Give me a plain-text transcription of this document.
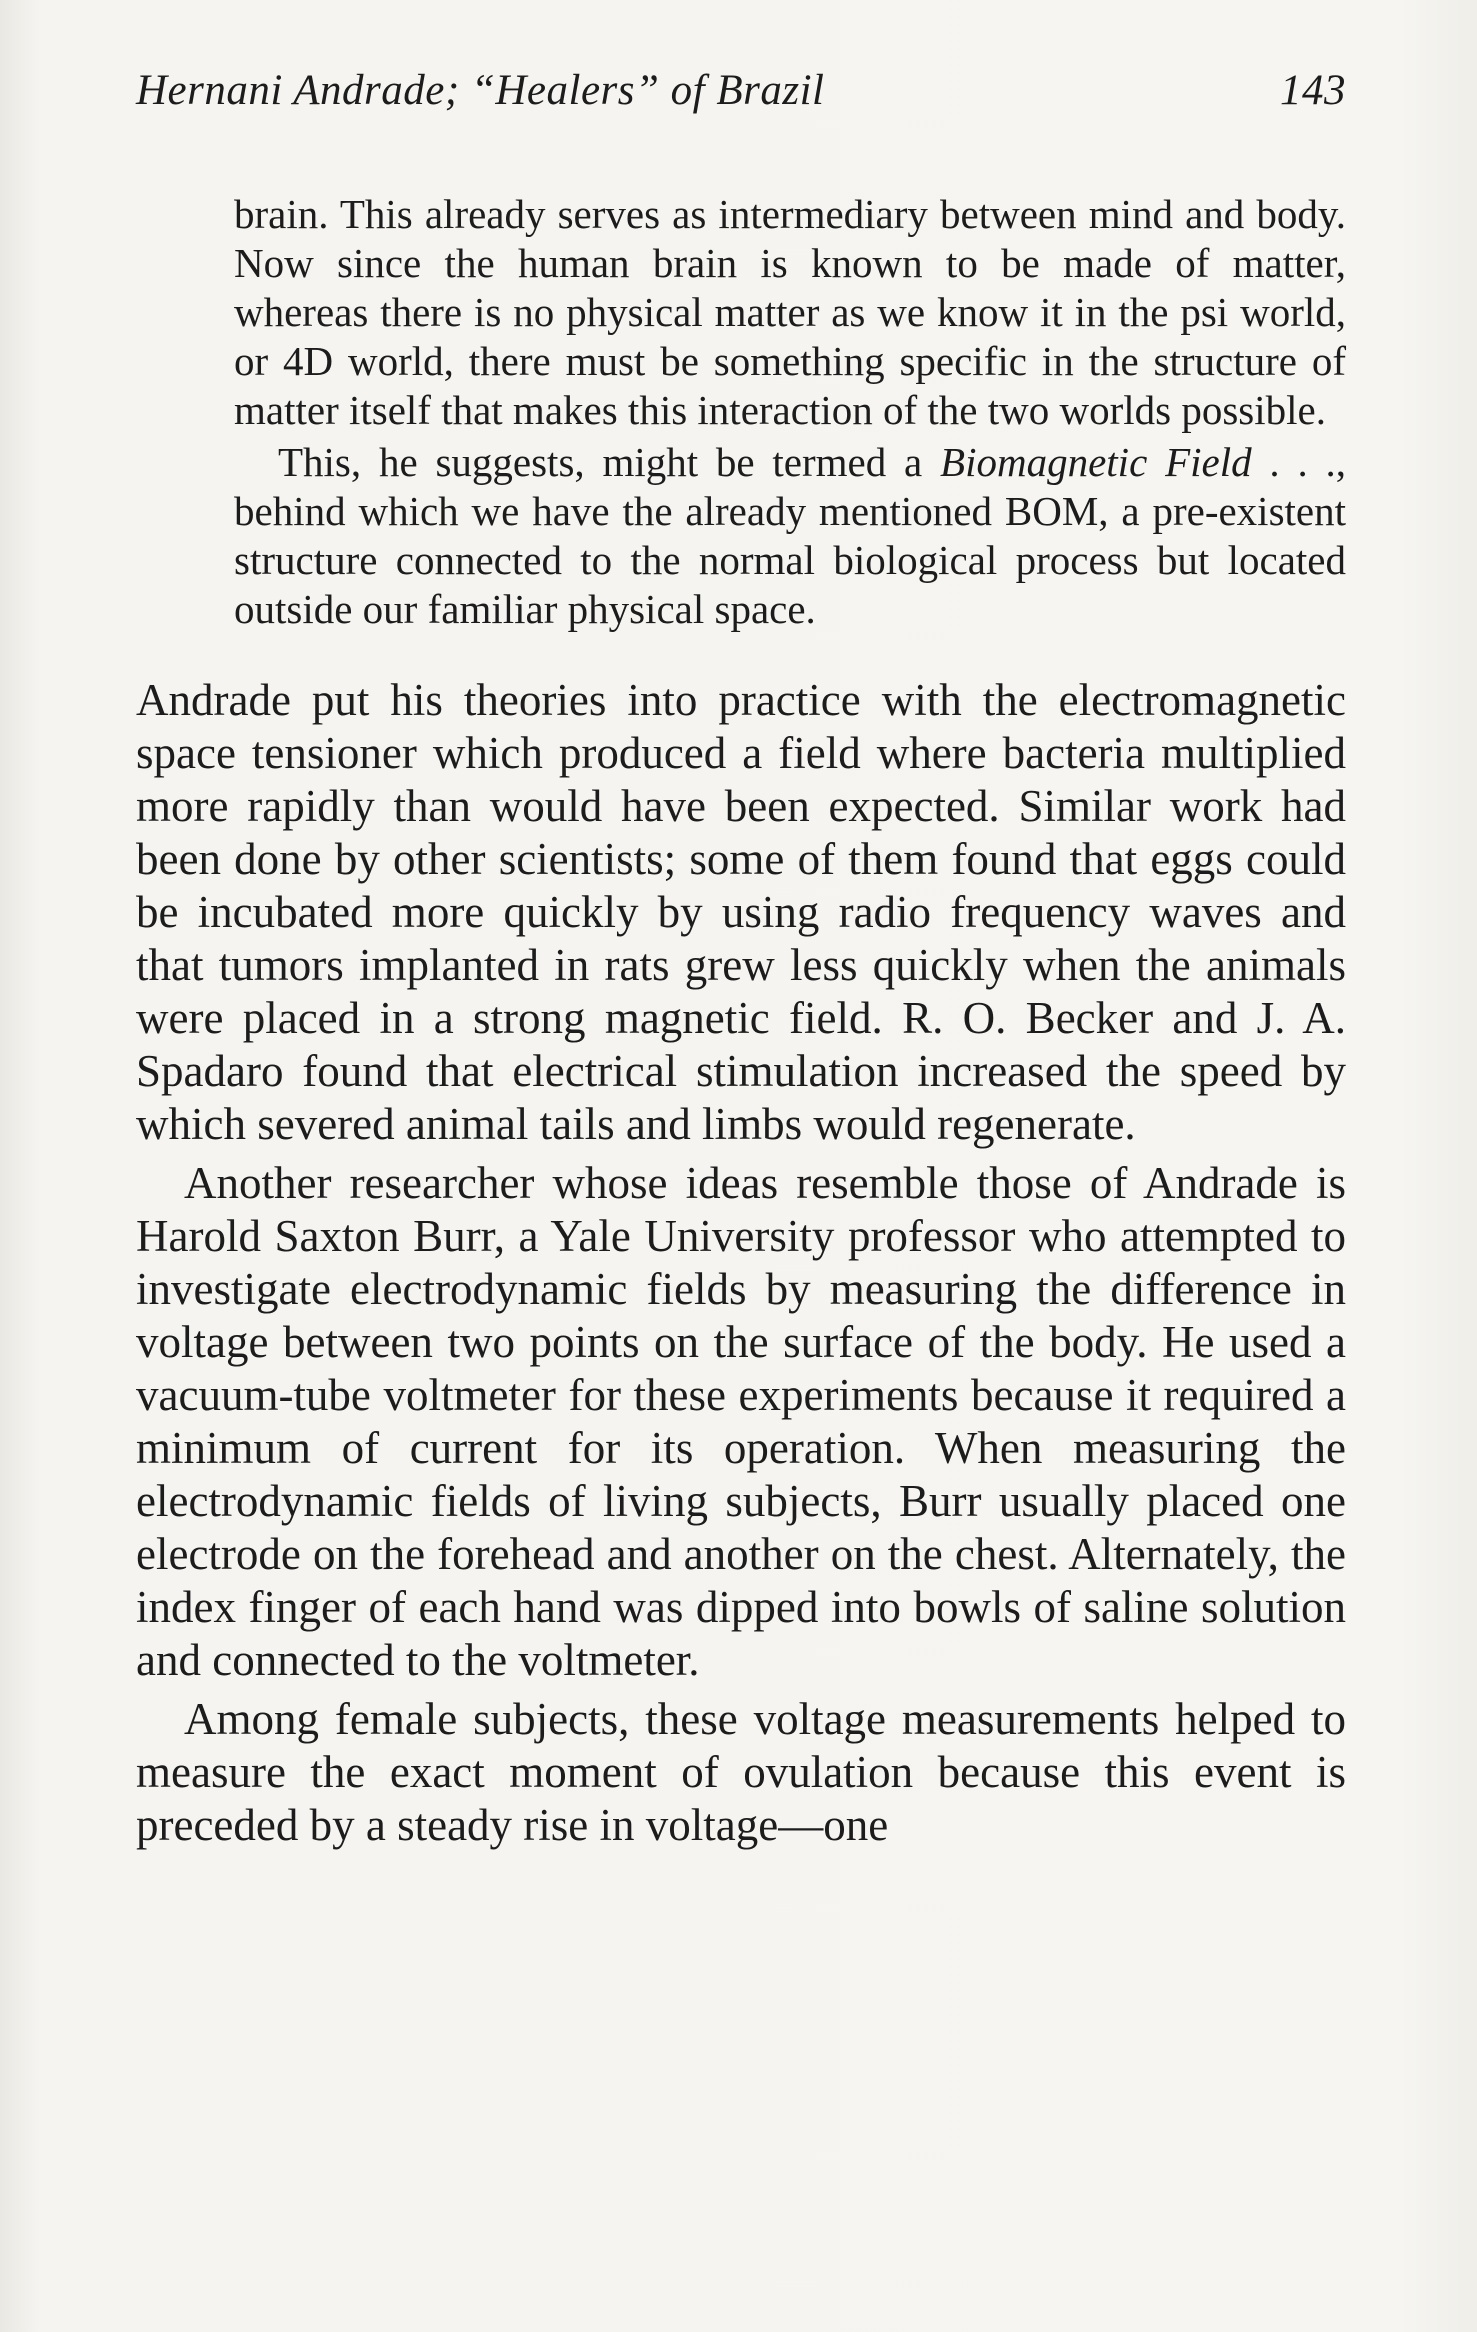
Hernani Andrade; “Healers” of Brazil	143

brain. This already serves as intermediary between mind and body. Now since the human brain is known to be made of matter, whereas there is no physical matter as we know it in the psi world, or 4D world, there must be something specific in the structure of matter itself that makes this interaction of the two worlds possible.

This, he suggests, might be termed a Biomagnetic Field . . ., behind which we have the already mentioned BOM, a pre-existent structure connected to the normal biological process but located outside our familiar physical space.

Andrade put his theories into practice with the electromagnetic space tensioner which produced a field where bacteria multiplied more rapidly than would have been expected. Similar work had been done by other scientists; some of them found that eggs could be incubated more quickly by using radio frequency waves and that tumors implanted in rats grew less quickly when the animals were placed in a strong magnetic field. R. O. Becker and J. A. Spadaro found that electrical stimulation increased the speed by which severed animal tails and limbs would regenerate.

Another researcher whose ideas resemble those of Andrade is Harold Saxton Burr, a Yale University professor who attempted to investigate electrodynamic fields by measuring the difference in voltage between two points on the surface of the body. He used a vacuum-tube voltmeter for these experiments because it required a minimum of current for its operation. When measuring the electrodynamic fields of living subjects, Burr usually placed one electrode on the forehead and another on the chest. Alternately, the index finger of each hand was dipped into bowls of saline solution and connected to the voltmeter.

Among female subjects, these voltage measurements helped to measure the exact moment of ovulation because this event is preceded by a steady rise in voltage—one
